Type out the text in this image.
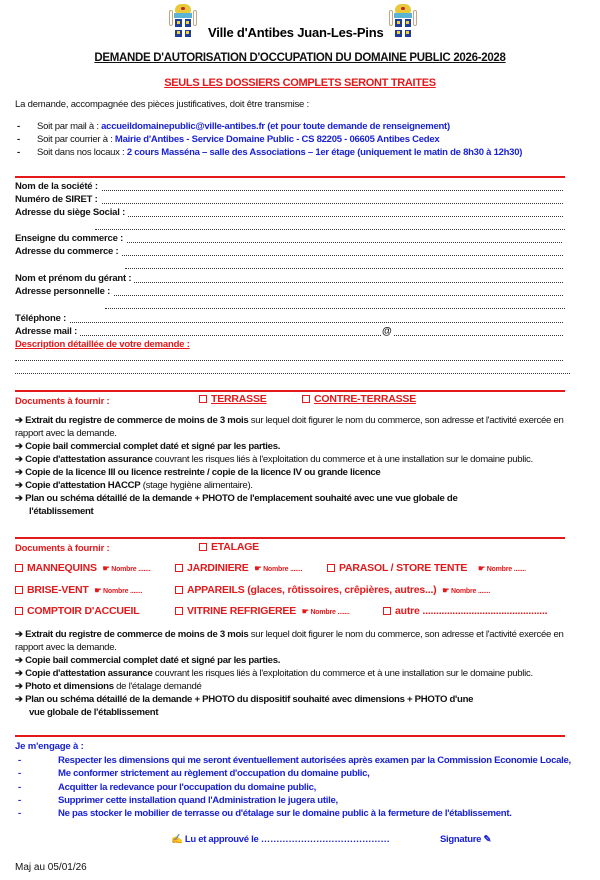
Ville d'Antibes Juan-Les-Pins
DEMANDE D'AUTORISATION D'OCCUPATION DU DOMAINE PUBLIC 2026-2028
SEULS LES DOSSIERS COMPLETS SERONT TRAITES
La demande, accompagnée des pièces justificatives, doit être transmise :
- Soit par mail à : accueildomainepublic@ville-antibes.fr (et pour toute demande de renseignement)
- Soit par courrier à : Mairie d'Antibes - Service Domaine Public - CS 82205 - 06605 Antibes Cedex
- Soit dans nos locaux : 2 cours Masséna – salle des Associations – 1er étage (uniquement le matin de 8h30 à 12h30)
Nom de la société :
Numéro de SIRET :
Adresse du siège Social :
Enseigne du commerce :
Adresse du commerce :
Nom et prénom du gérant :
Adresse personnelle :
Téléphone :
Adresse mail :	@
Description détaillée de votre demande :
Documents à fournir :	TERRASSE	CONTRE-TERRASSE
➔ Extrait du registre de commerce de moins de 3 mois sur lequel doit figurer le nom du commerce, son adresse et l'activité exercée en rapport avec la demande.
➔ Copie bail commercial complet daté et signé par les parties.
➔ Copie d'attestation assurance couvrant les risques liés à l'exploitation du commerce et à une installation sur le domaine public.
➔ Copie de la licence III ou licence restreinte / copie de la licence IV ou grande licence
➔ Copie d'attestation HACCP (stage hygiène alimentaire).
➔ Plan ou schéma détaillé de la demande + PHOTO de l'emplacement souhaité avec une vue globale de l'établissement
Documents à fournir :	ETALAGE
MANNEQUINS ☛ Nombre .......	JARDINIERE ☛ Nombre .......	PARASOL / STORE TENTE ☛ Nombre .......
BRISE-VENT ☛ Nombre .......	APPAREILS (glaces, rôtissoires, crêpières, autres...) ☛ Nombre .......
COMPTOIR D'ACCUEIL	VITRINE REFRIGEREE ☛ Nombre .......	autre ..............................................
➔ Extrait du registre de commerce de moins de 3 mois sur lequel doit figurer le nom du commerce, son adresse et l'activité exercée en rapport avec la demande.
➔ Copie bail commercial complet daté et signé par les parties.
➔ Copie d'attestation assurance couvrant les risques liés à l'exploitation du commerce et à une installation sur le domaine public.
➔ Photo et dimensions de l'étalage demandé
➔ Plan ou schéma détaillé de la demande + PHOTO du dispositif souhaité avec dimensions + PHOTO d'une vue globale de l'établissement
Je m'engage à :
-	Respecter les dimensions qui me seront éventuellement autorisées après examen par la Commission Economie Locale,
-	Me conformer strictement au règlement d'occupation du domaine public,
-	Acquitter la redevance pour l'occupation du domaine public,
-	Supprimer cette installation quand l'Administration le jugera utile,
-	Ne pas stocker le mobilier de terrasse ou d'étalage sur le domaine public à la fermeture de l'établissement.
✍ Lu et approuvé le ……………………………………	Signature ✎
Maj au 05/01/26
